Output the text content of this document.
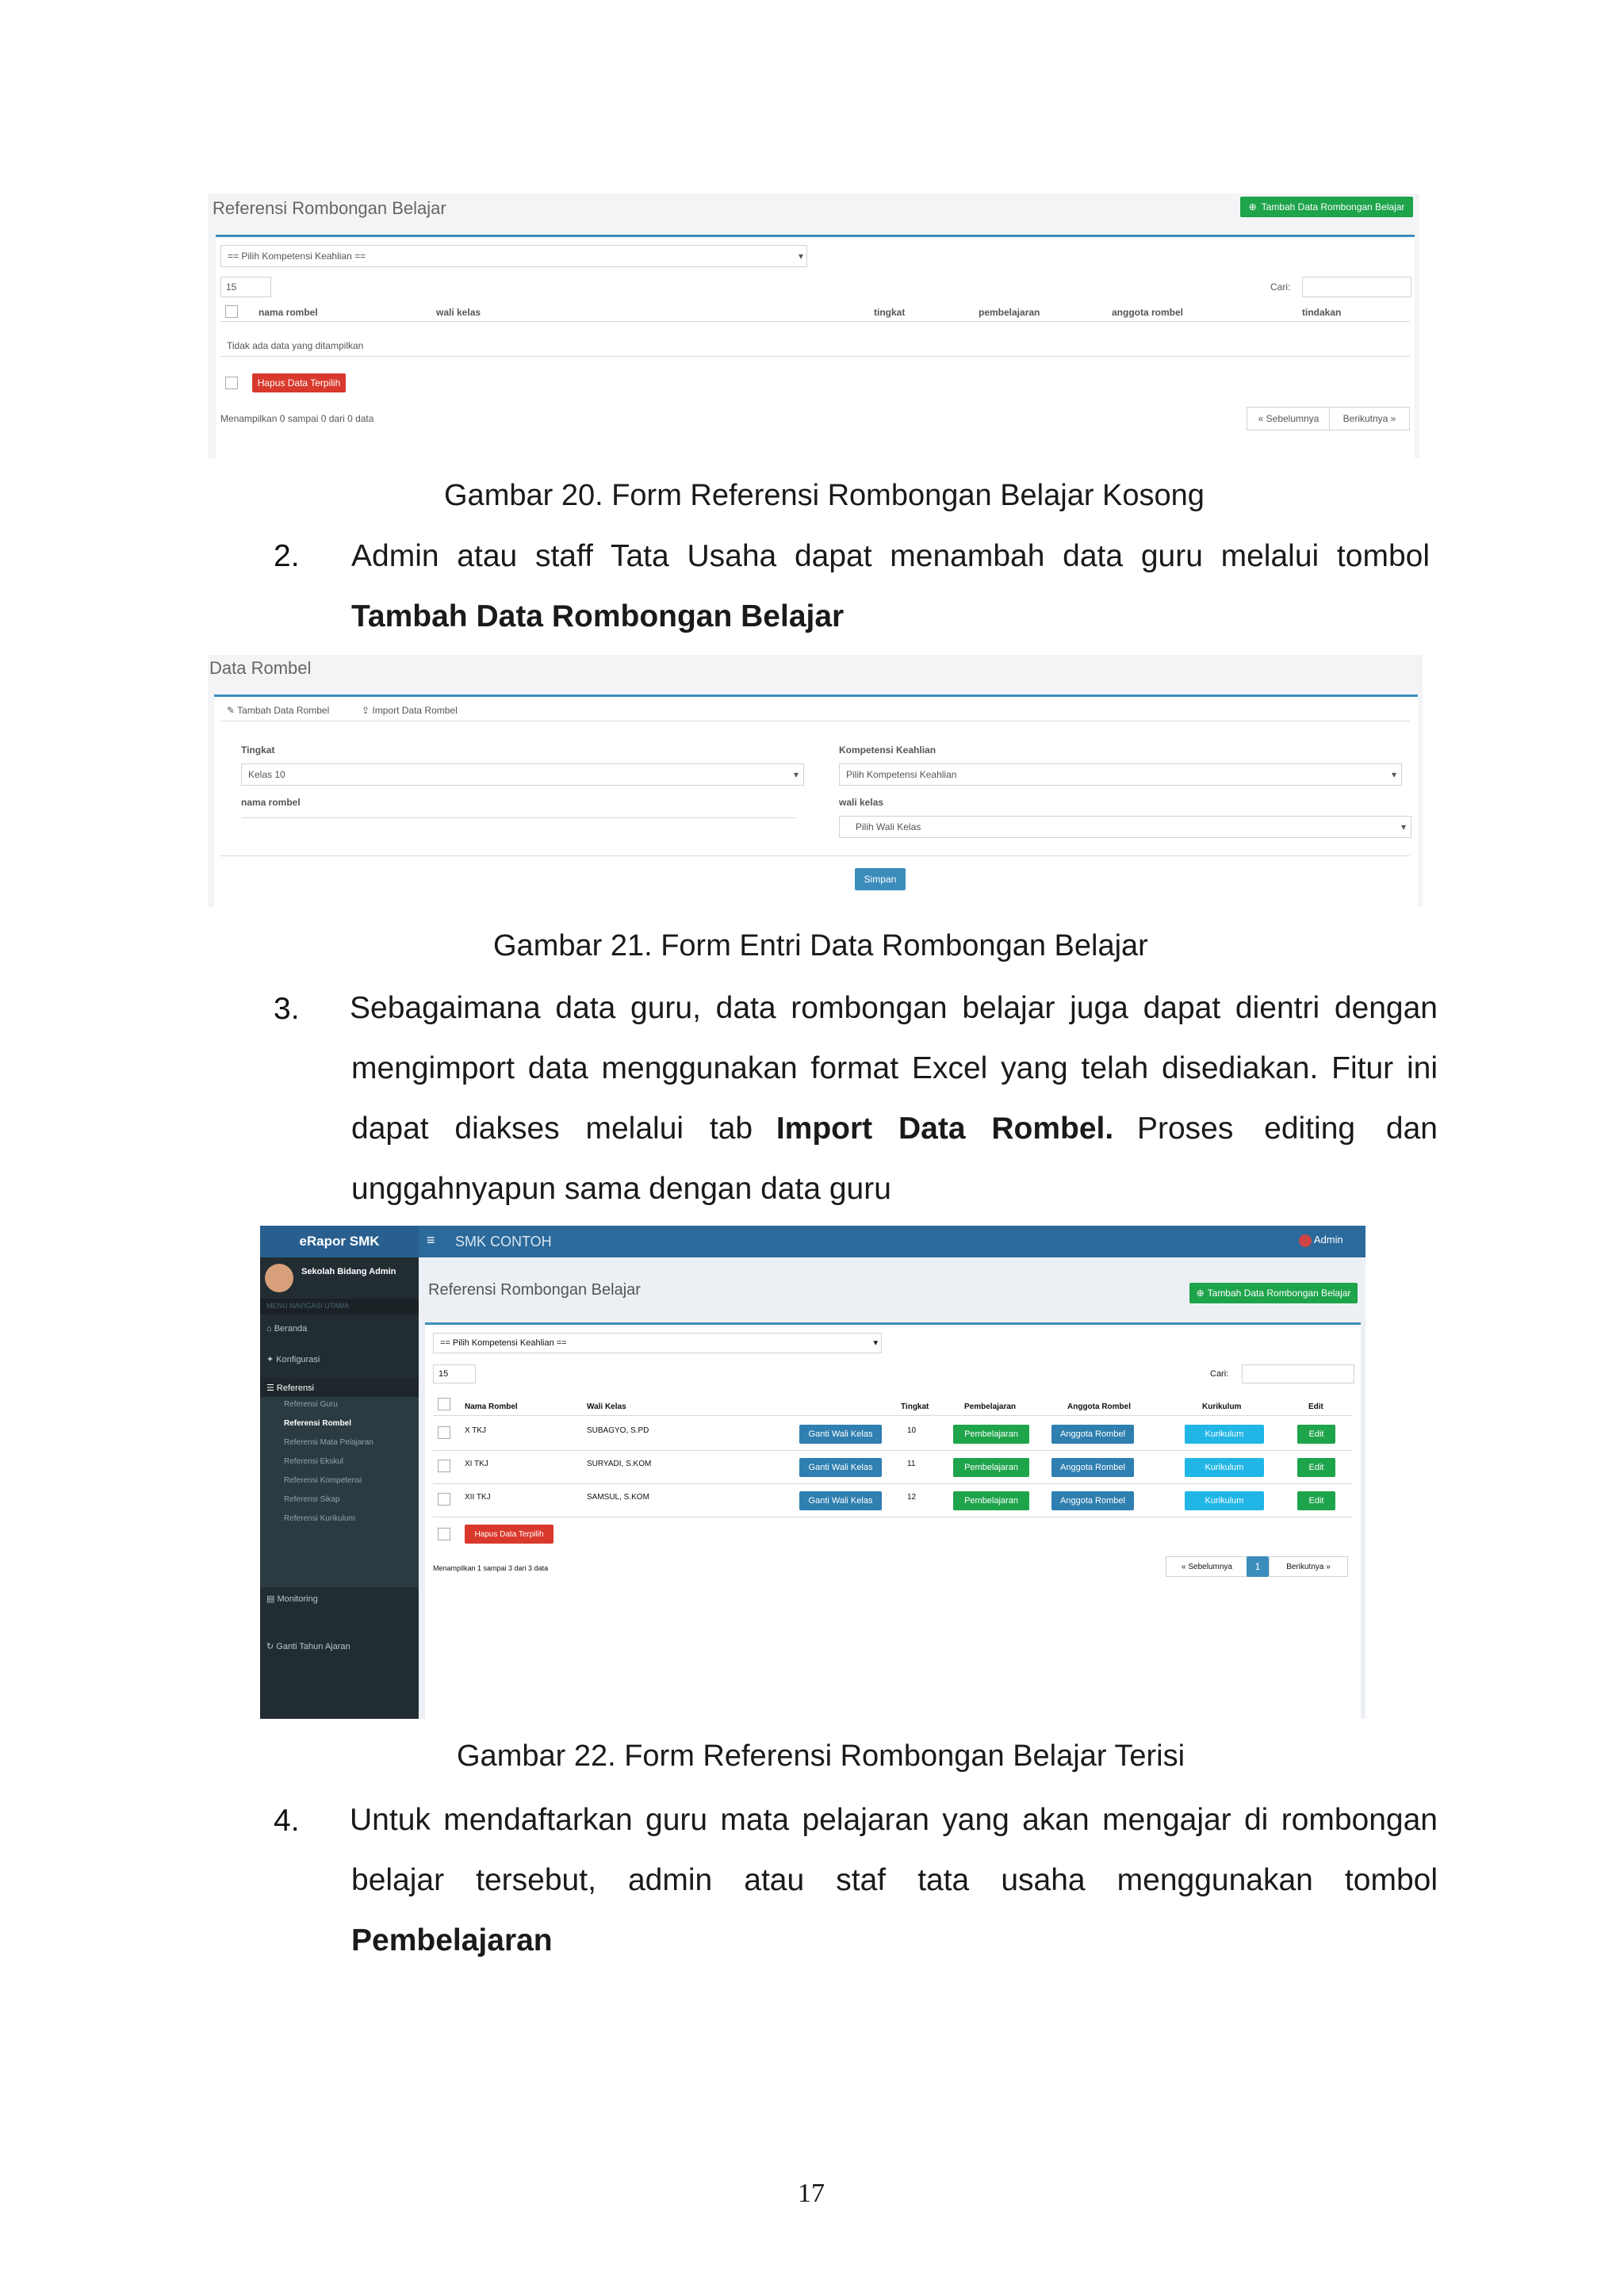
Referensi Rombongan Belajar	⊕ Tambah Data Rombongan Belajar
== Pilih Kompetensi Keahlian ==	▾
15	Cari:
nama rombel	wali kelas	tingkat	pembelajaran	anggota rombel	tindakan
Tidak ada data yang ditampilkan
Hapus Data Terpilih
Menampilkan 0 sampai 0 dari 0 data	« Sebelumnya	Berikutnya »
Gambar 20. Form Referensi Rombongan Belajar Kosong
2. Admin atau staff Tata Usaha dapat menambah data guru melalui tombol
Tambah Data Rombongan Belajar
Data Rombel
✎ Tambah Data Rombel	⇪ Import Data Rombel
Tingkat
Kelas 10	▾
nama rombel
Kompetensi Keahlian
Pilih Kompetensi Keahlian	▾
wali kelas
Pilih Wali Kelas	▾
Simpan
Gambar 21. Form Entri Data Rombongan Belajar
3. Sebagaimana data guru, data rombongan belajar juga dapat dientri dengan
mengimport data menggunakan format Excel yang telah disediakan. Fitur ini
dapat diakses melalui tab Import Data Rombel. Proses editing dan
unggahnyapun sama dengan data guru
eRapor SMK	≡ SMK CONTOH	Admin
Sekolah Bidang Admin
MENU NAVIGASI UTAMA
⌂ Beranda
✦ Konfigurasi
☰ Referensi
Referensi Guru
Referensi Rombel
Referensi Mata Pelajaran
Referensi Ekskul
Referensi Kompetensi
Referensi Sikap
Referensi Kurikulum
▤ Monitoring
↻ Ganti Tahun Ajaran
Referensi Rombongan Belajar	⊕ Tambah Data Rombongan Belajar
== Pilih Kompetensi Keahlian ==	▾
15	Cari:
Nama Rombel	Wali Kelas	Tingkat	Pembelajaran	Anggota Rombel	Kurikulum	Edit
X TKJ	SUBAGYO, S.PD	Ganti Wali Kelas	10	Pembelajaran	Anggota Rombel	Kurikulum	Edit
XI TKJ	SURYADI, S.KOM	Ganti Wali Kelas	11	Pembelajaran	Anggota Rombel	Kurikulum	Edit
XII TKJ	SAMSUL, S.KOM	Ganti Wali Kelas	12	Pembelajaran	Anggota Rombel	Kurikulum	Edit
Hapus Data Terpilih
Menampilkan 1 sampai 3 dari 3 data	« Sebelumnya	1	Berikutnya »
Gambar 22. Form Referensi Rombongan Belajar Terisi
4. Untuk mendaftarkan guru mata pelajaran yang akan mengajar di rombongan
belajar tersebut, admin atau staf tata usaha menggunakan tombol
Pembelajaran
17
